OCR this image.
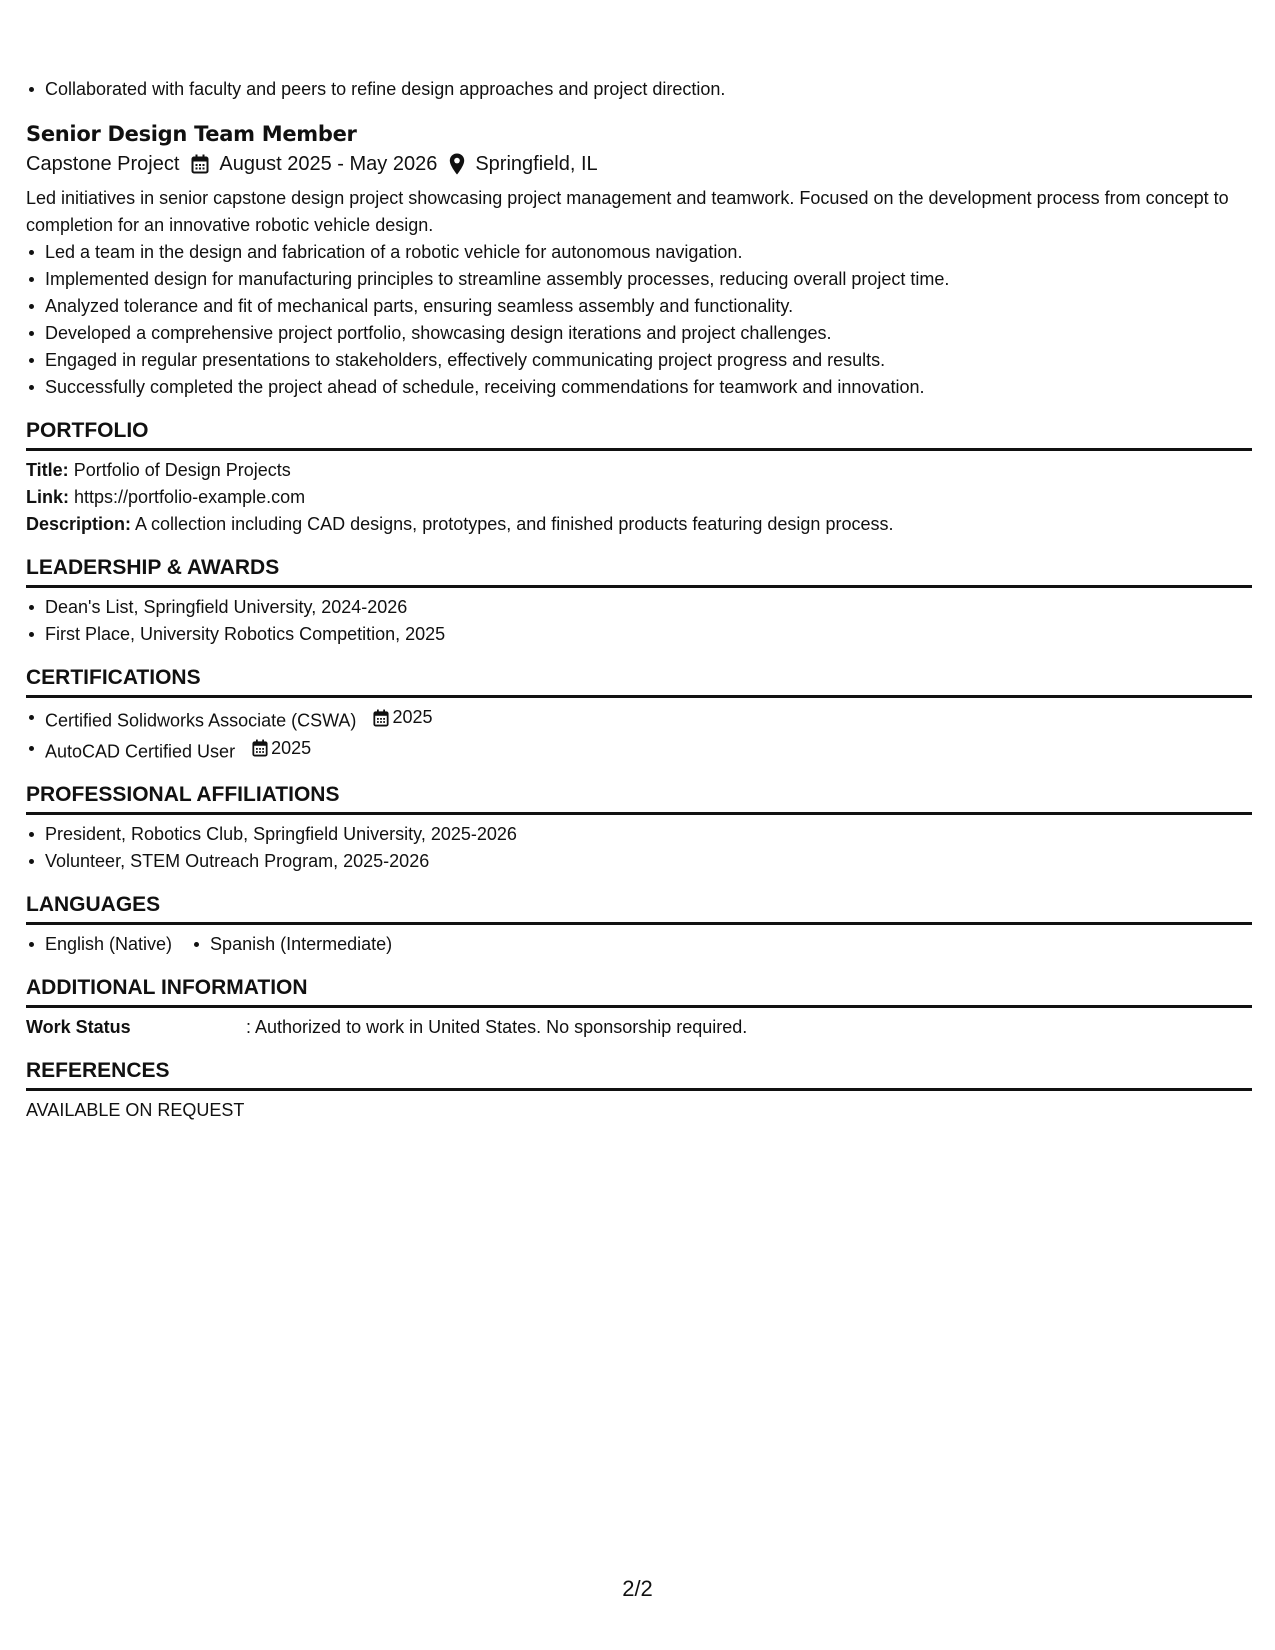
Collaborated with faculty and peers to refine design approaches and project direction.
Senior Design Team Member
Capstone Project August 2025 - May 2026 Springfield, IL
Led initiatives in senior capstone design project showcasing project management and teamwork. Focused on the development process from concept to completion for an innovative robotic vehicle design.
Led a team in the design and fabrication of a robotic vehicle for autonomous navigation.
Implemented design for manufacturing principles to streamline assembly processes, reducing overall project time.
Analyzed tolerance and fit of mechanical parts, ensuring seamless assembly and functionality.
Developed a comprehensive project portfolio, showcasing design iterations and project challenges.
Engaged in regular presentations to stakeholders, effectively communicating project progress and results.
Successfully completed the project ahead of schedule, receiving commendations for teamwork and innovation.
PORTFOLIO
Title: Portfolio of Design Projects
Link: https://portfolio-example.com
Description: A collection including CAD designs, prototypes, and finished products featuring design process.
LEADERSHIP & AWARDS
Dean's List, Springfield University, 2024-2026
First Place, University Robotics Competition, 2025
CERTIFICATIONS
Certified Solidworks Associate (CSWA) 2025
AutoCAD Certified User 2025
PROFESSIONAL AFFILIATIONS
President, Robotics Club, Springfield University, 2025-2026
Volunteer, STEM Outreach Program, 2025-2026
LANGUAGES
English (Native) Spanish (Intermediate)
ADDITIONAL INFORMATION
Work Status	: Authorized to work in United States. No sponsorship required.
REFERENCES
AVAILABLE ON REQUEST
2/2
